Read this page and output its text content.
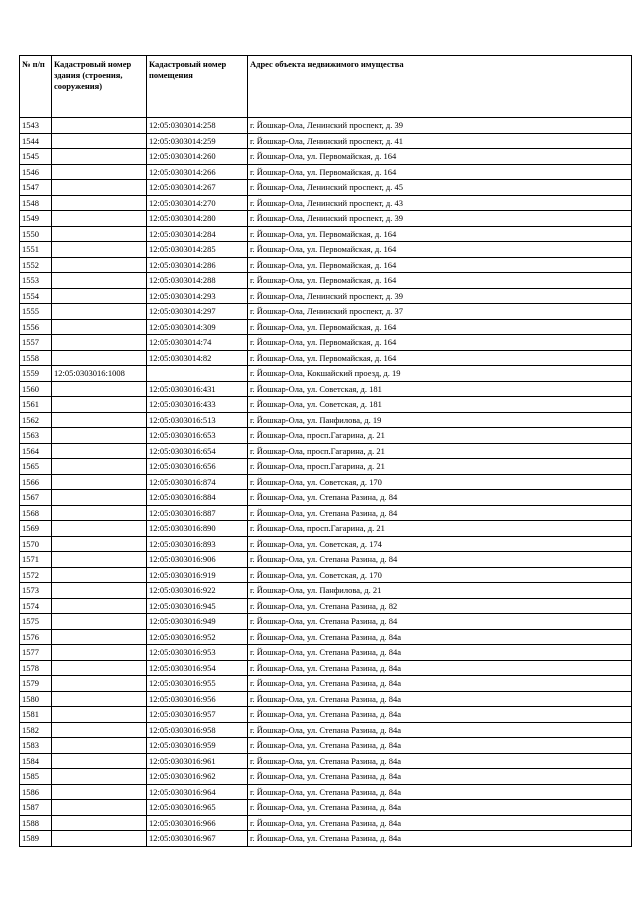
№ п/п	Кадастровый номер здания (строения, сооружения)	Кадастровый номер помещения	Адрес объекта недвижимого имущества
1543		12:05:0303014:258	г. Йошкар-Ола, Ленинский проспект, д. 39
1544		12:05:0303014:259	г. Йошкар-Ола, Ленинский проспект, д. 41
1545		12:05:0303014:260	г. Йошкар-Ола, ул. Первомайская, д. 164
1546		12:05:0303014:266	г. Йошкар-Ола, ул. Первомайская, д. 164
1547		12:05:0303014:267	г. Йошкар-Ола, Ленинский проспект, д. 45
1548		12:05:0303014:270	г. Йошкар-Ола, Ленинский проспект, д. 43
1549		12:05:0303014:280	г. Йошкар-Ола, Ленинский проспект, д. 39
1550		12:05:0303014:284	г. Йошкар-Ола, ул. Первомайская, д. 164
1551		12:05:0303014:285	г. Йошкар-Ола, ул. Первомайская, д. 164
1552		12:05:0303014:286	г. Йошкар-Ола, ул. Первомайская, д. 164
1553		12:05:0303014:288	г. Йошкар-Ола, ул. Первомайская, д. 164
1554		12:05:0303014:293	г. Йошкар-Ола, Ленинский проспект, д. 39
1555		12:05:0303014:297	г. Йошкар-Ола, Ленинский проспект, д. 37
1556		12:05:0303014:309	г. Йошкар-Ола, ул. Первомайская, д. 164
1557		12:05:0303014:74	г. Йошкар-Ола, ул. Первомайская, д. 164
1558		12:05:0303014:82	г. Йошкар-Ола, ул. Первомайская, д. 164
1559	12:05:0303016:1008		г. Йошкар-Ола, Кокшайский проезд, д. 19
1560		12:05:0303016:431	г. Йошкар-Ола, ул. Советская, д. 181
1561		12:05:0303016:433	г. Йошкар-Ола, ул. Советская, д. 181
1562		12:05:0303016:513	г. Йошкар-Ола, ул. Панфилова, д. 19
1563		12:05:0303016:653	г. Йошкар-Ола, просп.Гагарина, д. 21
1564		12:05:0303016:654	г. Йошкар-Ола, просп.Гагарина, д. 21
1565		12:05:0303016:656	г. Йошкар-Ола, просп.Гагарина, д. 21
1566		12:05:0303016:874	г. Йошкар-Ола, ул. Советская, д. 170
1567		12:05:0303016:884	г. Йошкар-Ола, ул. Степана Разина, д. 84
1568		12:05:0303016:887	г. Йошкар-Ола, ул. Степана Разина, д. 84
1569		12:05:0303016:890	г. Йошкар-Ола, просп.Гагарина, д. 21
1570		12:05:0303016:893	г. Йошкар-Ола, ул. Советская, д. 174
1571		12:05:0303016:906	г. Йошкар-Ола, ул. Степана Разина, д. 84
1572		12:05:0303016:919	г. Йошкар-Ола, ул. Советская, д. 170
1573		12:05:0303016:922	г. Йошкар-Ола, ул. Панфилова, д. 21
1574		12:05:0303016:945	г. Йошкар-Ола, ул. Степана Разина, д. 82
1575		12:05:0303016:949	г. Йошкар-Ола, ул. Степана Разина, д. 84
1576		12:05:0303016:952	г. Йошкар-Ола, ул. Степана Разина, д. 84а
1577		12:05:0303016:953	г. Йошкар-Ола, ул. Степана Разина, д. 84а
1578		12:05:0303016:954	г. Йошкар-Ола, ул. Степана Разина, д. 84а
1579		12:05:0303016:955	г. Йошкар-Ола, ул. Степана Разина, д. 84а
1580		12:05:0303016:956	г. Йошкар-Ола, ул. Степана Разина, д. 84а
1581		12:05:0303016:957	г. Йошкар-Ола, ул. Степана Разина, д. 84а
1582		12:05:0303016:958	г. Йошкар-Ола, ул. Степана Разина, д. 84а
1583		12:05:0303016:959	г. Йошкар-Ола, ул. Степана Разина, д. 84а
1584		12:05:0303016:961	г. Йошкар-Ола, ул. Степана Разина, д. 84а
1585		12:05:0303016:962	г. Йошкар-Ола, ул. Степана Разина, д. 84а
1586		12:05:0303016:964	г. Йошкар-Ола, ул. Степана Разина, д. 84а
1587		12:05:0303016:965	г. Йошкар-Ола, ул. Степана Разина, д. 84а
1588		12:05:0303016:966	г. Йошкар-Ола, ул. Степана Разина, д. 84а
1589		12:05:0303016:967	г. Йошкар-Ола, ул. Степана Разина, д. 84а
